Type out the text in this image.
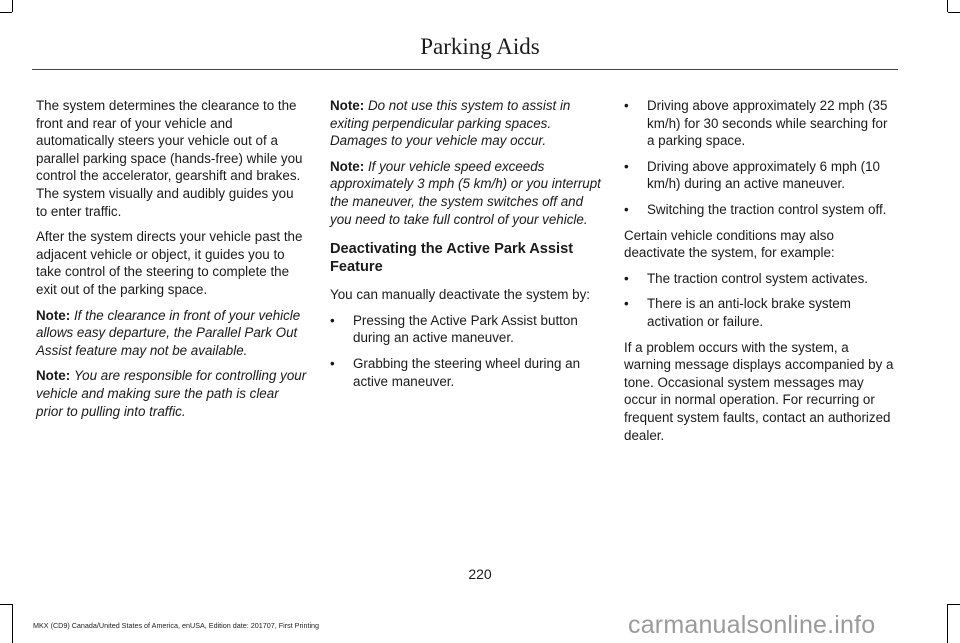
Parking Aids

The system determines the clearance to the front and rear of your vehicle and automatically steers your vehicle out of a parallel parking space (hands-free) while you control the accelerator, gearshift and brakes. The system visually and audibly guides you to enter traffic.

After the system directs your vehicle past the adjacent vehicle or object, it guides you to take control of the steering to complete the exit out of the parking space.

Note: If the clearance in front of your vehicle allows easy departure, the Parallel Park Out Assist feature may not be available.

Note: You are responsible for controlling your vehicle and making sure the path is clear prior to pulling into traffic.

Note: Do not use this system to assist in exiting perpendicular parking spaces. Damages to your vehicle may occur.

Note: If your vehicle speed exceeds approximately 3 mph (5 km/h) or you interrupt the maneuver, the system switches off and you need to take full control of your vehicle.

Deactivating the Active Park Assist Feature

You can manually deactivate the system by:

• Pressing the Active Park Assist button during an active maneuver.
• Grabbing the steering wheel during an active maneuver.
• Driving above approximately 22 mph (35 km/h) for 30 seconds while searching for a parking space.
• Driving above approximately 6 mph (10 km/h) during an active maneuver.
• Switching the traction control system off.

Certain vehicle conditions may also deactivate the system, for example:

• The traction control system activates.
• There is an anti-lock brake system activation or failure.

If a problem occurs with the system, a warning message displays accompanied by a tone. Occasional system messages may occur in normal operation. For recurring or frequent system faults, contact an authorized dealer.

220
MKX (CD9) Canada/United States of America, enUSA, Edition date: 201707, First Printing	carmanualsonline.info
